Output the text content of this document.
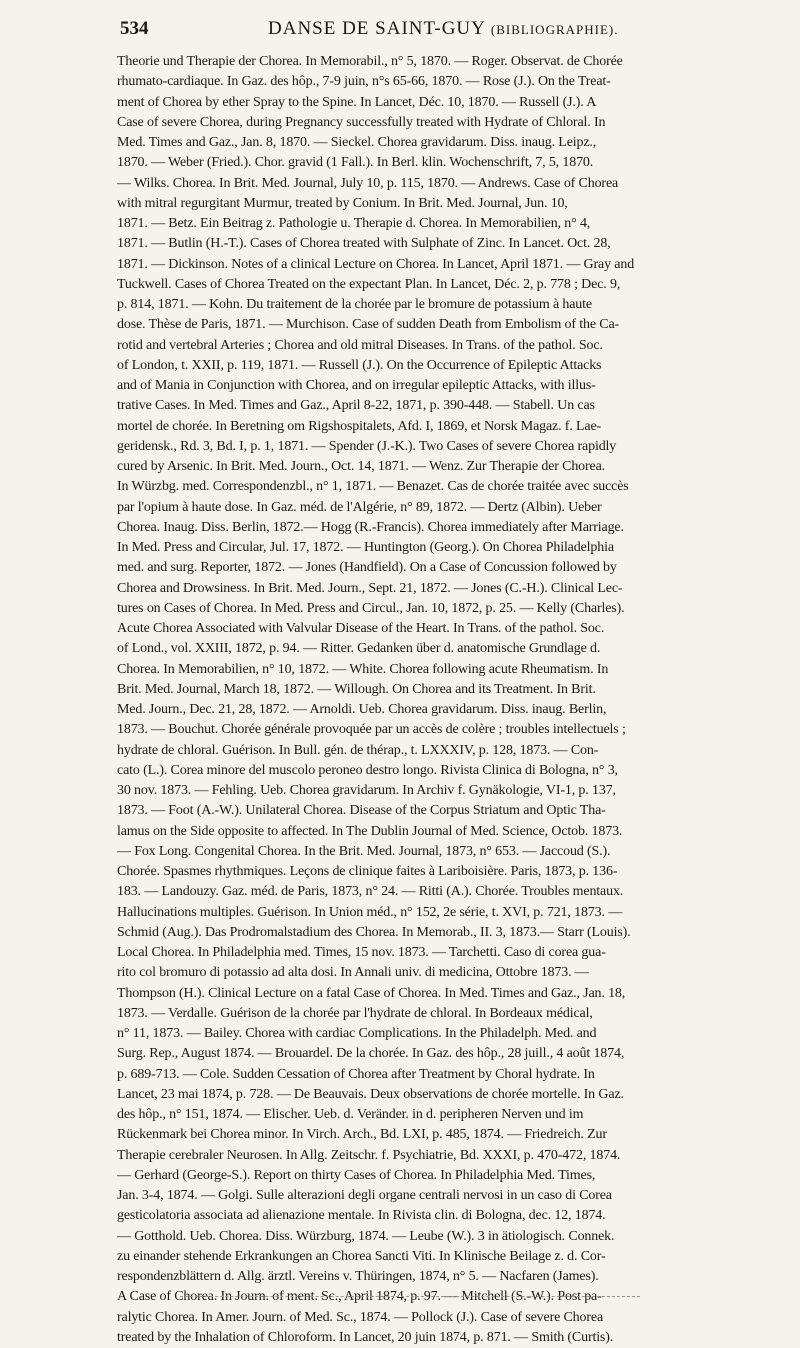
534	DANSE DE SAINT-GUY (BIBLIOGRAPHIE).
Theorie und Therapie der Chorea. In Memorabil., n° 5, 1870. — Roger. Observat. de Chorée
rhumato-cardiaque. In Gaz. des hôp., 7-9 juin, n°s 65-66, 1870. — Rose (J.). On the Treat-
ment of Chorea by ether Spray to the Spine. In Lancet, Déc. 10, 1870. — Russell (J.). A
Case of severe Chorea, during Pregnancy successfully treated with Hydrate of Chloral. In
Med. Times and Gaz., Jan. 8, 1870. — Sieckel. Chorea gravidarum. Diss. inaug. Leipz.,
1870. — Weber (Fried.). Chor. gravid (1 Fall.). In Berl. klin. Wochenschrift, 7, 5, 1870.
— Wilks. Chorea. In Brit. Med. Journal, July 10, p. 115, 1870. — Andrews. Case of Chorea
with mitral regurgitant Murmur, treated by Conium. In Brit. Med. Journal, Jun. 10,
1871. — Betz. Ein Beitrag z. Pathologie u. Therapie d. Chorea. In Memorabilien, n° 4,
1871. — Butlin (H.-T.). Cases of Chorea treated with Sulphate of Zinc. In Lancet. Oct. 28,
1871. — Dickinson. Notes of a clinical Lecture on Chorea. In Lancet, April 1871. — Gray and
Tuckwell. Cases of Chorea Treated on the expectant Plan. In Lancet, Déc. 2, p. 778 ; Dec. 9,
p. 814, 1871. — Kohn. Du traitement de la chorée par le bromure de potassium à haute
dose. Thèse de Paris, 1871. — Murchison. Case of sudden Death from Embolism of the Ca-
rotid and vertebral Arteries ; Chorea and old mitral Diseases. In Trans. of the pathol. Soc.
of London, t. XXII, p. 119, 1871. — Russell (J.). On the Occurrence of Epileptic Attacks
and of Mania in Conjunction with Chorea, and on irregular epileptic Attacks, with illus-
trative Cases. In Med. Times and Gaz., April 8-22, 1871, p. 390-448. — Stabell. Un cas
mortel de chorée. In Beretning om Rigshospitalets, Afd. I, 1869, et Norsk Magaz. f. Lae-
geridensk., Rd. 3, Bd. I, p. 1, 1871. — Spender (J.-K.). Two Cases of severe Chorea rapidly
cured by Arsenic. In Brit. Med. Journ., Oct. 14, 1871. — Wenz. Zur Therapie der Chorea.
In Würzbg. med. Correspondenzbl., n° 1, 1871. — Benazet. Cas de chorée traitée avec succès
par l'opium à haute dose. In Gaz. méd. de l'Algérie, n° 89, 1872. — Dertz (Albin). Ueber
Chorea. Inaug. Diss. Berlin, 1872.— Hogg (R.-Francis). Chorea immediately after Marriage.
In Med. Press and Circular, Jul. 17, 1872. — Huntington (Georg.). On Chorea Philadelphia
med. and surg. Reporter, 1872. — Jones (Handfield). On a Case of Concussion followed by
Chorea and Drowsiness. In Brit. Med. Journ., Sept. 21, 1872. — Jones (C.-H.). Clinical Lec-
tures on Cases of Chorea. In Med. Press and Circul., Jan. 10, 1872, p. 25. — Kelly (Charles).
Acute Chorea Associated with Valvular Disease of the Heart. In Trans. of the pathol. Soc.
of Lond., vol. XXIII, 1872, p. 94. — Ritter. Gedanken über d. anatomische Grundlage d.
Chorea. In Memorabilien, n° 10, 1872. — White. Chorea following acute Rheumatism. In
Brit. Med. Journal, March 18, 1872. — Willough. On Chorea and its Treatment. In Brit.
Med. Journ., Dec. 21, 28, 1872. — Arnoldi. Ueb. Chorea gravidarum. Diss. inaug. Berlin,
1873. — Bouchut. Chorée générale provoquée par un accès de colère ; troubles intellectuels ;
hydrate de chloral. Guérison. In Bull. gén. de thérap., t. LXXXIV, p. 128, 1873. — Con-
cato (L.). Corea minore del muscolo peroneo destro longo. Rivista Clinica di Bologna, n° 3,
30 nov. 1873. — Fehling. Ueb. Chorea gravidarum. In Archiv f. Gynäkologie, VI-1, p. 137,
1873. — Foot (A.-W.). Unilateral Chorea. Disease of the Corpus Striatum and Optic Tha-
lamus on the Side opposite to affected. In The Dublin Journal of Med. Science, Octob. 1873.
— Fox Long. Congenital Chorea. In the Brit. Med. Journal, 1873, n° 653. — Jaccoud (S.).
Chorée. Spasmes rhythmiques. Leçons de clinique faites à Lariboisière. Paris, 1873, p. 136-
183. — Landouzy. Gaz. méd. de Paris, 1873, n° 24. — Ritti (A.). Chorée. Troubles mentaux.
Hallucinations multiples. Guérison. In Union méd., n° 152, 2e série, t. XVI, p. 721, 1873. —
Schmid (Aug.). Das Prodromalstadium des Chorea. In Memorab., II. 3, 1873.— Starr (Louis).
Local Chorea. In Philadelphia med. Times, 15 nov. 1873. — Tarchetti. Caso di corea gua-
rito col bromuro di potassio ad alta dosi. In Annali univ. di medicina, Ottobre 1873. —
Thompson (H.). Clinical Lecture on a fatal Case of Chorea. In Med. Times and Gaz., Jan. 18,
1873. — Verdalle. Guérison de la chorée par l'hydrate de chloral. In Bordeaux médical,
n° 11, 1873. — Bailey. Chorea with cardiac Complications. In the Philadelph. Med. and
Surg. Rep., August 1874. — Brouardel. De la chorée. In Gaz. des hôp., 28 juill., 4 août 1874,
p. 689-713. — Cole. Sudden Cessation of Chorea after Treatment by Choral hydrate. In
Lancet, 23 mai 1874, p. 728. — De Beauvais. Deux observations de chorée mortelle. In Gaz.
des hôp., n° 151, 1874. — Elischer. Ueb. d. Veränder. in d. peripheren Nerven und im
Rückenmark bei Chorea minor. In Virch. Arch., Bd. LXI, p. 485, 1874. — Friedreich. Zur
Therapie cerebraler Neurosen. In Allg. Zeitschr. f. Psychiatrie, Bd. XXXI, p. 470-472, 1874.
— Gerhard (George-S.). Report on thirty Cases of Chorea. In Philadelphia Med. Times,
Jan. 3-4, 1874. — Golgi. Sulle alterazioni degli organe centrali nervosi in un caso di Corea
gesticolatoria associata ad alienazione mentale. In Rivista clin. di Bologna, dec. 12, 1874.
— Gotthold. Ueb. Chorea. Diss. Würzburg, 1874. — Leube (W.). 3 in ätiologisch. Connek.
zu einander stehende Erkrankungen an Chorea Sancti Viti. In Klinische Beilage z. d. Cor-
respondenzblättern d. Allg. ärztl. Vereins v. Thüringen, 1874, n° 5. — Nacfaren (James).
A Case of Chorea. In Journ. of ment. Sc., April 1874, p. 97. — Mitchell (S.-W.). Post pa-
ralytic Chorea. In Amer. Journ. of Med. Sc., 1874. — Pollock (J.). Case of severe Chorea
treated by the Inhalation of Chloroform. In Lancet, 20 juin 1874, p. 871. — Smith (Curtis).
